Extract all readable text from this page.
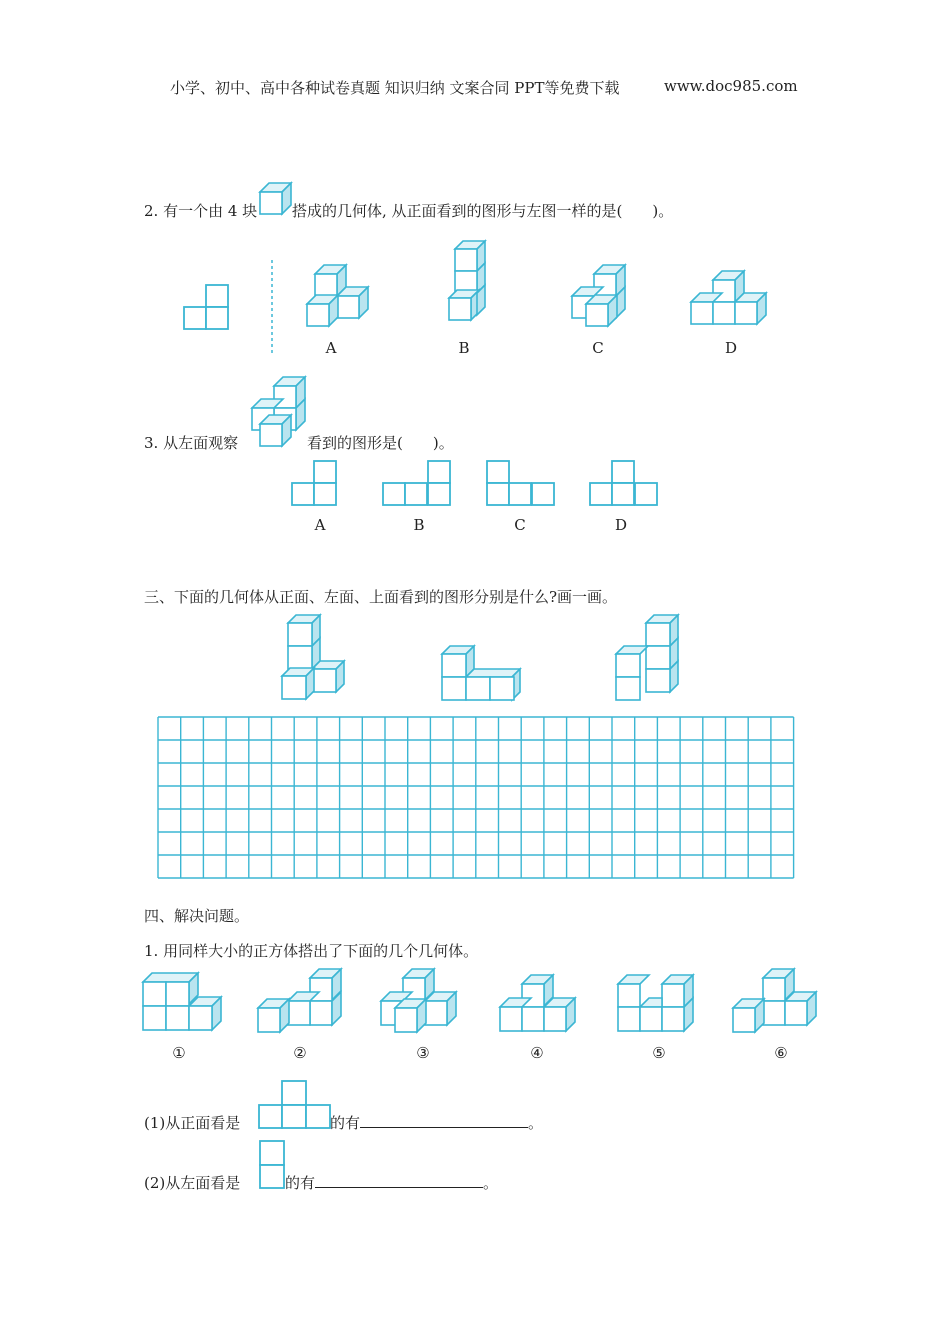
小学、初中、高中各种试卷真题 知识归纳 文案合同 PPT等免费下载	www.doc985.com
2. 有一个由 4 块 搭成的几何体, 从正面看到的图形与左图一样的是(　　)。
A	B	C	D
3. 从左面观察	看到的图形是(　　)。
A	B	C	D
三、下面的几何体从正面、左面、上面看到的图形分别是什么?画一画。
四、解决问题。
1. 用同样大小的正方体搭出了下面的几个几何体。
①	②	③	④	⑤	⑥
(1)从正面看是	的有	。
(2)从左面看是	的有	。
